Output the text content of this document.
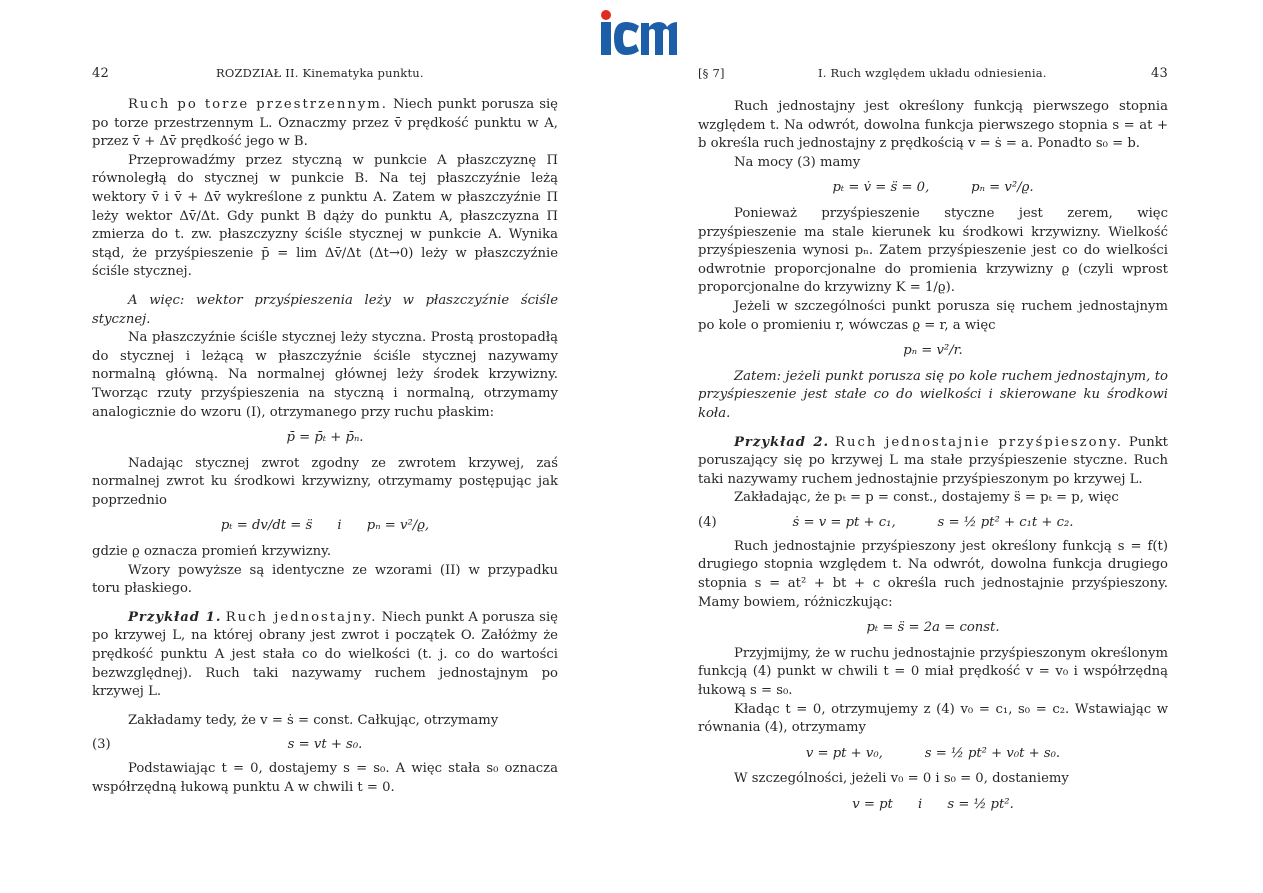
42	ROZDZIAŁ II. Kinematyka punktu.

Ruch po torze przestrzennym. Niech punkt porusza się po torze przestrzennym L. Oznaczmy przez v̄ prędkość punktu w A, przez v̄ + Δv̄ prędkość jego w B.

Przeprowadźmy przez styczną w punkcie A płaszczyznę Π równoległą do stycznej w punkcie B. Na tej płaszczyźnie leżą wektory v̄ i v̄ + Δv̄ wykreślone z punktu A. Zatem w płaszczyźnie Π leży wektor Δv̄/Δt. Gdy punkt B dąży do punktu A, płaszczyzna Π zmierza do t. zw. płaszczyzny ściśle stycznej w punkcie A. Wynika stąd, że przyśpieszenie p̄ = lim Δv̄/Δt (Δt→0) leży w płaszczyźnie ściśle stycznej.

A więc: wektor przyśpieszenia leży w płaszczyźnie ściśle stycznej.

Na płaszczyźnie ściśle stycznej leży styczna. Prostą prostopadłą do stycznej i leżącą w płaszczyźnie ściśle stycznej nazywamy normalną główną. Na normalnej głównej leży środek krzywizny. Tworząc rzuty przyśpieszenia na styczną i normalną, otrzymamy analogicznie do wzoru (I), otrzymanego przy ruchu płaskim:

p̄ = p̄ₜ + p̄ₙ.

Nadając stycznej zwrot zgodny ze zwrotem krzywej, zaś normalnej zwrot ku środkowi krzywizny, otrzymamy postępując jak poprzednio

pₜ = dv/dt = s̈      i      pₙ = v²/ϱ,

gdzie ϱ oznacza promień krzywizny.

Wzory powyższe są identyczne ze wzorami (II) w przypadku toru płaskiego.

Przykład 1. Ruch jednostajny. Niech punkt A porusza się po krzywej L, na której obrany jest zwrot i początek O. Załóżmy że prędkość punktu A jest stała co do wielkości (t. j. co do wartości bezwzględnej). Ruch taki nazywamy ruchem jednostajnym po krzywej L.

Zakładamy tedy, że v = ṡ = const. Całkując, otrzymamy

(3)	s = vt + s₀.

Podstawiając t = 0, dostajemy s = s₀. A więc stała s₀ oznacza współrzędną łukową punktu A w chwili t = 0.

[§ 7]	I. Ruch względem układu odniesienia.	43

Ruch jednostajny jest określony funkcją pierwszego stopnia względem t. Na odwrót, dowolna funkcja pierwszego stopnia s = at + b określa ruch jednostajny z prędkością v = ṡ = a. Ponadto s₀ = b.

Na mocy (3) mamy

pₜ = v̇ = s̈ = 0,          pₙ = v²/ϱ.

Ponieważ przyśpieszenie styczne jest zerem, więc przyśpieszenie ma stale kierunek ku środkowi krzywizny. Wielkość przyśpieszenia wynosi pₙ. Zatem przyśpieszenie jest co do wielkości odwrotnie proporcjonalne do promienia krzywizny ϱ (czyli wprost proporcjonalne do krzywizny K = 1/ϱ).

Jeżeli w szczególności punkt porusza się ruchem jednostajnym po kole o promieniu r, wówczas ϱ = r, a więc

pₙ = v²/r.

Zatem: jeżeli punkt porusza się po kole ruchem jednostajnym, to przyśpieszenie jest stałe co do wielkości i skierowane ku środkowi koła.

Przykład 2. Ruch jednostajnie przyśpieszony. Punkt poruszający się po krzywej L ma stałe przyśpieszenie styczne. Ruch taki nazywamy ruchem jednostajnie przyśpieszonym po krzywej L.

Zakładając, że pₜ = p = const., dostajemy s̈ = pₜ = p, więc

(4)	ṡ = v = pt + c₁,          s = ½ pt² + c₁t + c₂.

Ruch jednostajnie przyśpieszony jest określony funkcją s = f(t) drugiego stopnia względem t. Na odwrót, dowolna funkcja drugiego stopnia s = at² + bt + c określa ruch jednostajnie przyśpieszony. Mamy bowiem, różniczkując:

pₜ = s̈ = 2a = const.

Przyjmijmy, że w ruchu jednostajnie przyśpieszonym określonym funkcją (4) punkt w chwili t = 0 miał prędkość v = v₀ i współrzędną łukową s = s₀.

Kładąc t = 0, otrzymujemy z (4) v₀ = c₁, s₀ = c₂. Wstawiając w równania (4), otrzymamy

v = pt + v₀,          s = ½ pt² + v₀t + s₀.

W szczególności, jeżeli v₀ = 0 i s₀ = 0, dostaniemy

v = pt      i      s = ½ pt².
